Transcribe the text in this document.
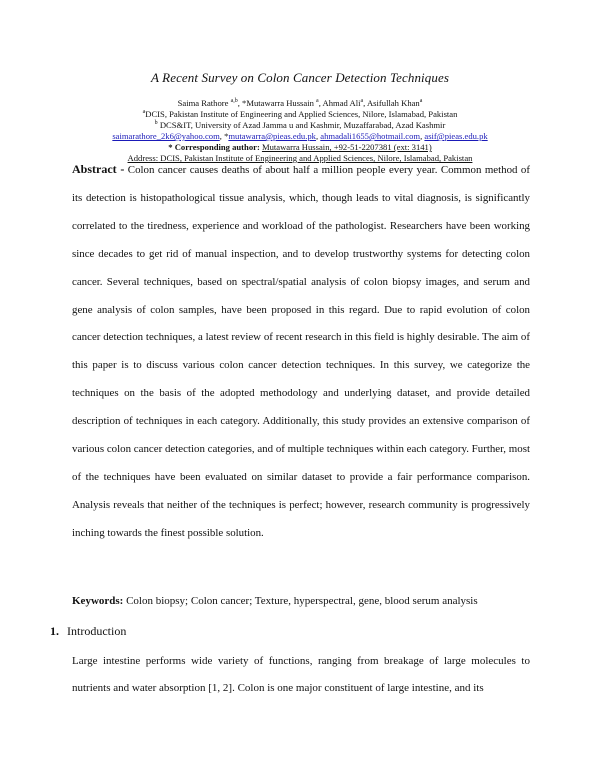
A Recent Survey on Colon Cancer Detection Techniques
Saima Rathore $^{a,b}$, *Mutawarra Hussain $^a$, Ahmad Ali$^a$, Asifullah Khan$^a$
$^a$DCIS, Pakistan Institute of Engineering and Applied Sciences, Nilore, Islamabad, Pakistan
$^b$ DCS&IT, University of Azad Jamma u and Kashmir, Muzaffarabad, Azad Kashmir
saimarathore_2k6@yahoo.com, *mutawarra@pieas.edu.pk, ahmadali1655@hotmail.com, asif@pieas.edu.pk
* Corresponding author: Mutawarra Hussain, +92-51-2207381 (ext: 3141)
Address: DCIS, Pakistan Institute of Engineering and Applied Sciences, Nilore, Islamabad, Pakistan
Abstract - Colon cancer causes deaths of about half a million people every year. Common method of its detection is histopathological tissue analysis, which, though leads to vital diagnosis, is significantly correlated to the tiredness, experience and workload of the pathologist. Researchers have been working since decades to get rid of manual inspection, and to develop trustworthy systems for detecting colon cancer. Several techniques, based on spectral/spatial analysis of colon biopsy images, and serum and gene analysis of colon samples, have been proposed in this regard. Due to rapid evolution of colon cancer detection techniques, a latest review of recent research in this field is highly desirable. The aim of this paper is to discuss various colon cancer detection techniques. In this survey, we categorize the techniques on the basis of the adopted methodology and underlying dataset, and provide detailed description of techniques in each category. Additionally, this study provides an extensive comparison of various colon cancer detection categories, and of multiple techniques within each category. Further, most of the techniques have been evaluated on similar dataset to provide a fair performance comparison. Analysis reveals that neither of the techniques is perfect; however, research community is progressively inching towards the finest possible solution.
Keywords: Colon biopsy; Colon cancer; Texture, hyperspectral, gene, blood serum analysis
1. Introduction
Large intestine performs wide variety of functions, ranging from breakage of large molecules to nutrients and water absorption [1, 2]. Colon is one major constituent of large intestine, and its
